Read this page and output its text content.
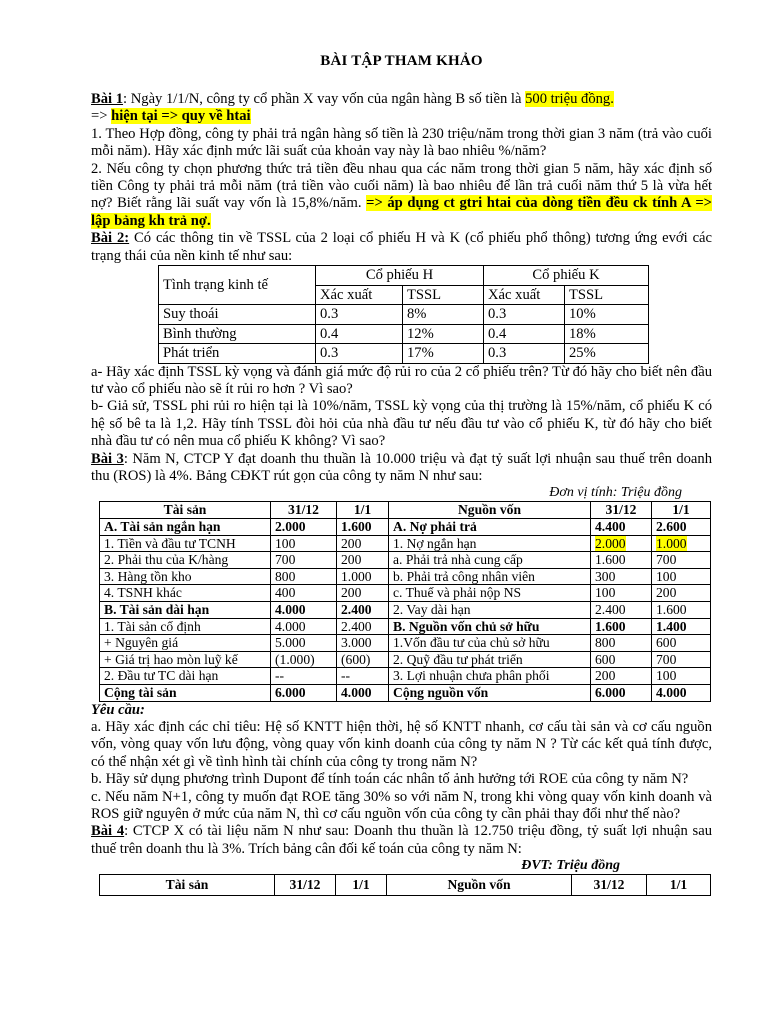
BÀI TẬP THAM KHẢO

Bài 1: Ngày 1/1/N, công ty cổ phần X vay vốn của ngân hàng B số tiền là 500 triệu đồng.
=> hiện tại => quy về htai

1. Theo Hợp đồng, công ty phải trả ngân hàng số tiền là 230 triệu/năm trong thời gian 3 năm (trả vào cuối mỗi năm). Hãy xác định mức lãi suất của khoản vay này là bao nhiêu %/năm?

2. Nếu công ty chọn phương thức trả tiền đều nhau qua các năm trong thời gian 5 năm, hãy xác định số tiền Công ty phải trả mỗi năm (trả tiền vào cuối năm) là bao nhiêu để lần trả cuối năm thứ 5 là vừa hết nợ? Biết rằng lãi suất vay vốn là 15,8%/năm. => áp dụng ct gtri htai của dòng tiền đều ck tính A => lập bảng kh trả nợ.

Bài 2: Có các thông tin về TSSL của 2 loại cổ phiếu H và K (cổ phiếu phổ thông) tương ứng evới các trạng thái của nền kinh tế như sau:

Tình trạng kinh tế	Cổ phiếu H		Cổ phiếu K	
	Xác xuất	TSSL	Xác xuất	TSSL
Suy thoái	0.3	8%	0.3	10%
Bình thường	0.4	12%	0.4	18%
Phát triển	0.3	17%	0.3	25%

a- Hãy xác định TSSL kỳ vọng và đánh giá mức độ rủi ro của 2 cổ phiếu trên? Từ đó hãy cho biết nên đầu tư vào cổ phiếu nào sẽ ít rủi ro hơn ? Vì sao?

b- Giả sử, TSSL phi rủi ro hiện tại là 10%/năm, TSSL kỳ vọng của thị trường là 15%/năm, cổ phiếu K có hệ số bê ta là 1,2. Hãy tính TSSL đòi hỏi của nhà đầu tư nếu đầu tư vào cổ phiếu K, từ đó hãy cho biết nhà đầu tư có nên mua cổ phiếu K không? Vì sao?

Bài 3: Năm N, CTCP Y đạt doanh thu thuần là 10.000 triệu và đạt tỷ suất lợi nhuận sau thuế trên doanh thu (ROS) là 4%. Bảng CĐKT rút gọn của công ty năm N như sau:

Đơn vị tính: Triệu đồng
Tài sản	31/12	1/1	Nguồn vốn	31/12	1/1
A. Tài sản ngắn hạn	2.000	1.600	A. Nợ phải trả	4.400	2.600
1. Tiền và đầu tư TCNH	100	200	1. Nợ ngắn hạn	2.000	1.000
2. Phải thu của K/hàng	700	200	a. Phải trả nhà cung cấp	1.600	700
3. Hàng tồn kho	800	1.000	b. Phải trả công nhân viên	300	100
4. TSNH khác	400	200	c. Thuế và phải nộp NS	100	200
B. Tài sản dài hạn	4.000	2.400	2. Vay dài hạn	2.400	1.600
1. Tài sản cố định	4.000	2.400	B. Nguồn vốn chủ sở hữu	1.600	1.400
+ Nguyên giá	5.000	3.000	1.Vốn đầu tư của chủ sở hữu	800	600
+ Giá trị hao mòn luỹ kế	(1.000)	(600)	2. Quỹ đầu tư phát triển	600	700
2. Đầu tư TC dài hạn	--	--	3. Lợi nhuận chưa phân phối	200	100
Cộng tài sản	6.000	4.000	Cộng nguồn vốn	6.000	4.000

Yêu cầu:

a. Hãy xác định các chỉ tiêu: Hệ số KNTT hiện thời, hệ số KNTT nhanh, cơ cấu tài sản và cơ cấu nguồn vốn, vòng quay vốn lưu động, vòng quay vốn kinh doanh của công ty năm N ? Từ các kết quả tính được, có thể nhận xét gì về tình hình tài chính của công ty trong năm N?

b. Hãy sử dụng phương trình Dupont để tính toán các nhân tố ảnh hưởng tới ROE của công ty năm N?

c. Nếu năm N+1, công ty muốn đạt ROE tăng 30% so với năm N, trong khi vòng quay vốn kinh doanh và ROS giữ nguyên ở mức của năm N, thì cơ cấu nguồn vốn của công ty cần phải thay đổi như thế nào?

Bài 4: CTCP X có tài liệu năm N như sau: Doanh thu thuần là 12.750 triệu đồng, tỷ suất lợi nhuận sau thuế trên doanh thu là 3%. Trích bảng cân đối kế toán của công ty năm N:

ĐVT: Triệu đồng
Tài sản	31/12	1/1	Nguồn vốn	31/12	1/1
